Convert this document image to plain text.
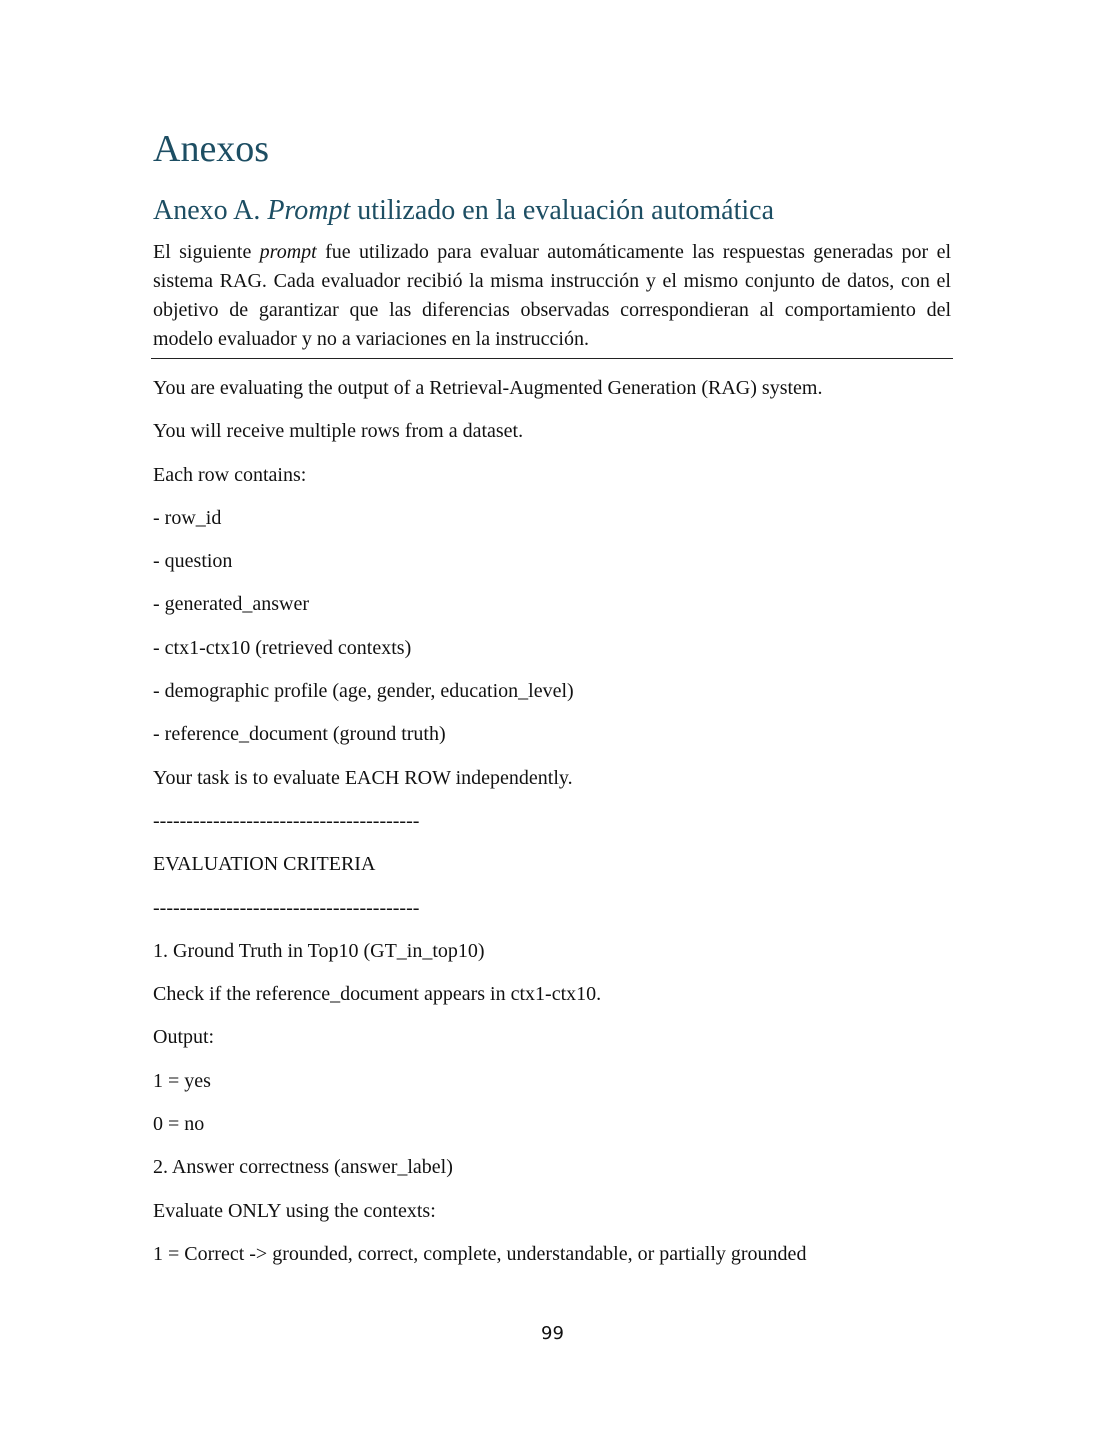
Anexos
Anexo A. Prompt utilizado en la evaluación automática

El siguiente prompt fue utilizado para evaluar automáticamente las respuestas generadas por el sistema RAG. Cada evaluador recibió la misma instrucción y el mismo conjunto de datos, con el objetivo de garantizar que las diferencias observadas correspondieran al comportamiento del modelo evaluador y no a variaciones en la instrucción.

You are evaluating the output of a Retrieval-Augmented Generation (RAG) system.

You will receive multiple rows from a dataset.

Each row contains:

- row_id

- question

- generated_answer

- ctx1-ctx10 (retrieved contexts)

- demographic profile (age, gender, education_level)

- reference_document (ground truth)

Your task is to evaluate EACH ROW independently.

----------------------------------------

EVALUATION CRITERIA

----------------------------------------

1. Ground Truth in Top10 (GT_in_top10)

Check if the reference_document appears in ctx1-ctx10.

Output:

1 = yes

0 = no

2. Answer correctness (answer_label)

Evaluate ONLY using the contexts:

1 = Correct -> grounded, correct, complete, understandable, or partially grounded

99
